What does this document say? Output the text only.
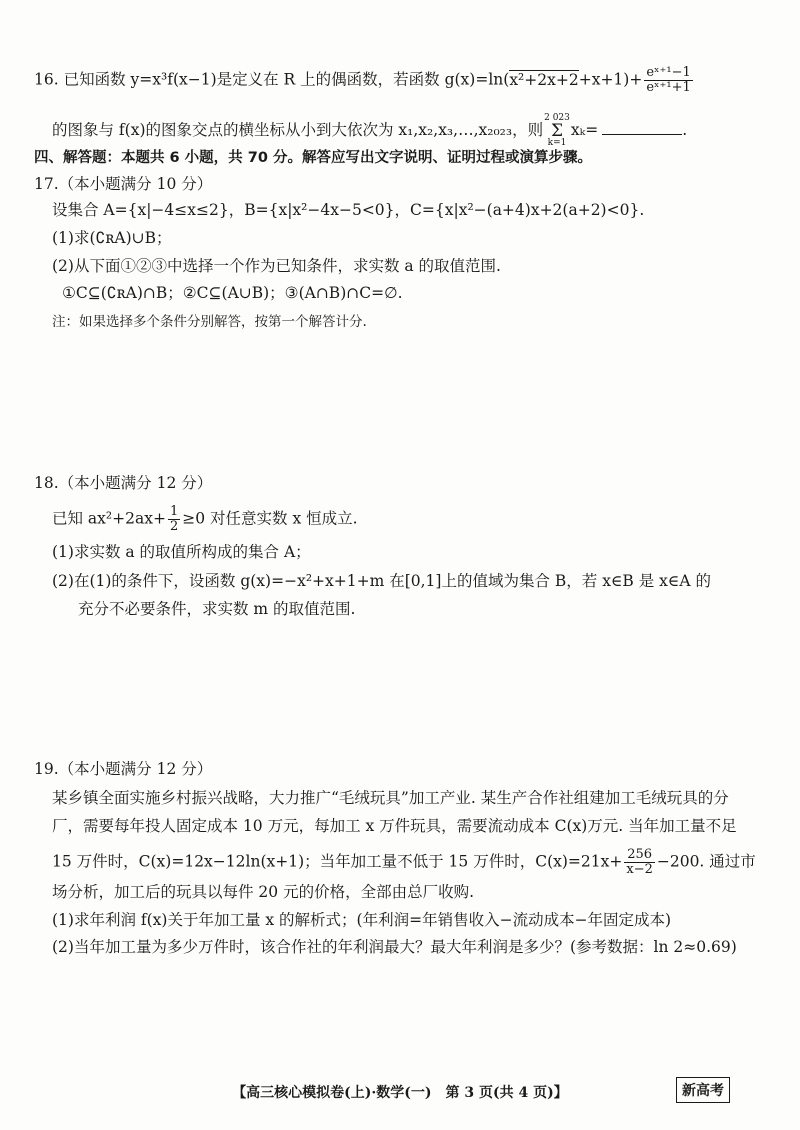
16. 已知函数 y=x³f(x−1)是定义在 R 上的偶函数，若函数 $g(x)=\ln(x^2+2x+2+x+1)+ \frac{\text{eˣ⁺¹−1}}{\text{eˣ⁺¹+1}}$
的图象与 f(x)的图象交点的横坐标从小到大依次为 x₁,x₂,x₃,…,x₂₀₂₃，则2 023
Σ
k=1xₖ=	.
四、解答题：本题共 6 小题，共 70 分。解答应写出文字说明、证明过程或演算步骤。
17.（本小题满分 10 分）
设集合 A={x|−4≤x≤2}，B={x|x²−4x−5<0}，C={x|x²−(a+4)x+2(a+2)<0}.
(1)求(∁ʀA)∪B；
(2)从下面①②③中选择一个作为已知条件，求实数 a 的取值范围.
①C⊆(∁ʀA)∩B；②C⊆(A∪B)；③(A∩B)∩C=∅.
注：如果选择多个条件分别解答，按第一个解答计分.
18.（本小题满分 12 分）
已知 $ax^2+2ax+ \frac{1}{2} \ge 0$ 对任意实数 x 恒成立.
(1)求实数 a 的取值所构成的集合 A；
(2)在(1)的条件下，设函数 g(x)=−x²+x+1+m 在[0,1]上的值域为集合 B，若 x∈B 是 x∈A 的
充分不必要条件，求实数 m 的取值范围.
19.（本小题满分 12 分）
某乡镇全面实施乡村振兴战略，大力推广“毛绒玩具”加工产业. 某生产合作社组建加工毛绒玩具的分
厂，需要每年投人固定成本 10 万元，每加工 x 万件玩具，需要流动成本 C(x)万元. 当年加工量不足
15 万件时，C(x)=12x−12ln(x+1)；当年加工量不低于 15 万件时，$C(x)=21x+ \frac{256}{x-2} -200$. 通过市
场分析，加工后的玩具以每件 20 元的价格，全部由总厂收购.
(1)求年利润 f(x)关于年加工量 x 的解析式；(年利润=年销售收入−流动成本−年固定成本)
(2)当年加工量为多少万件时，该合作社的年利润最大？最大年利润是多少？(参考数据：ln 2≈0.69)
【高三核心模拟卷(上)·数学(一)　第 3 页(共 4 页)】	新高考
